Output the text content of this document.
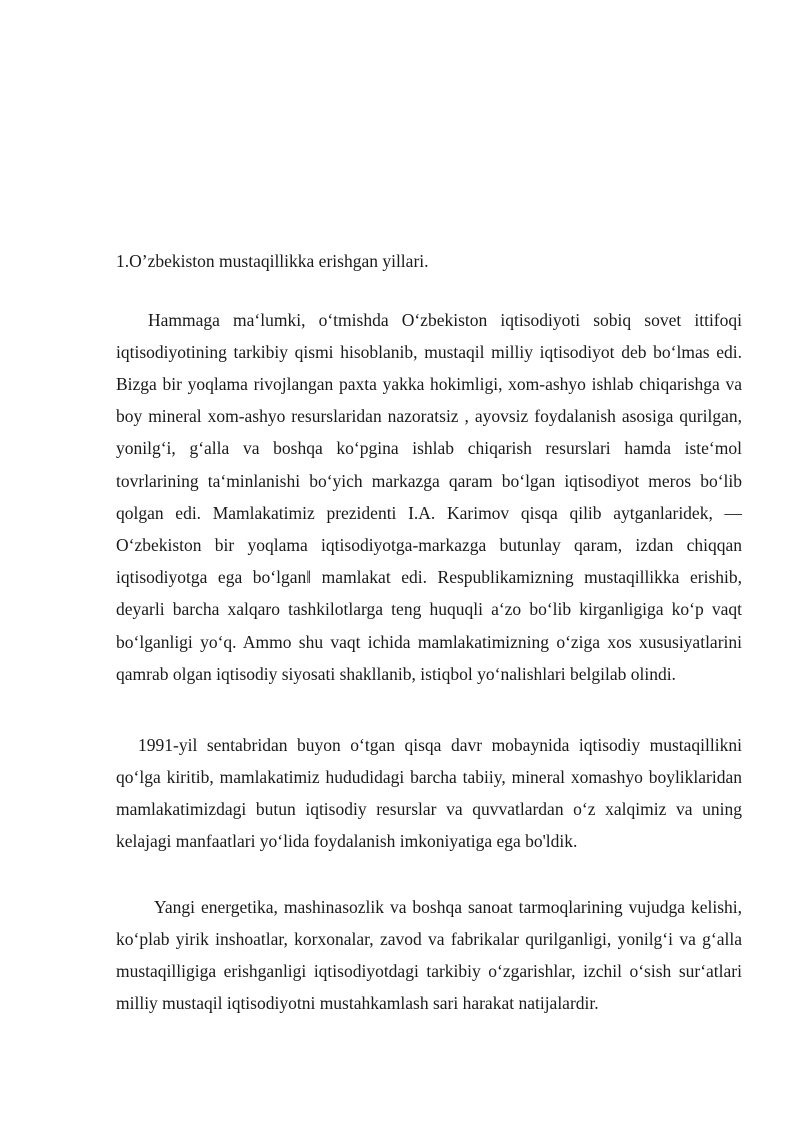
1.O’zbekiston mustaqillikka erishgan yillari.

Hammaga ma‘lumki, o‘tmishda O‘zbekiston iqtisodiyoti sobiq sovet ittifoqi iqtisodiyotining tarkibiy qismi hisoblanib, mustaqil milliy iqtisodiyot deb bo‘lmas edi. Bizga bir yoqlama rivojlangan paxta yakka hokimligi, xom-ashyo ishlab chiqarishga va boy mineral xom-ashyo resurslaridan nazoratsiz , ayovsiz foydalanish asosiga qurilgan, yonilg‘i, g‘alla va boshqa ko‘pgina ishlab chiqarish resurslari hamda iste‘mol tovrlarining ta‘minlanishi bo‘yich markazga qaram bo‘lgan iqtisodiyot meros bo‘lib qolgan edi. Mamlakatimiz prezidenti I.A. Karimov qisqa qilib aytganlaridek, ― O‘zbekiston bir yoqlama iqtisodiyotga-markazga butunlay qaram, izdan chiqqan iqtisodiyotga ega bo‘lgan‖ mamlakat edi. Respublikamizning mustaqillikka erishib, deyarli barcha xalqaro tashkilotlarga teng huquqli a‘zo bo‘lib kirganligiga ko‘p vaqt bo‘lganligi yo‘q. Ammo shu vaqt ichida mamlakatimizning o‘ziga xos xususiyatlarini qamrab olgan iqtisodiy siyosati shakllanib, istiqbol yo‘nalishlari belgilab olindi.

1991-yil sentabridan buyon o‘tgan qisqa davr mobaynida iqtisodiy mustaqillikni qo‘lga kiritib, mamlakatimiz hududidagi barcha tabiiy, mineral xomashyo boyliklaridan mamlakatimizdagi butun iqtisodiy resurslar va quvvatlardan o‘z xalqimiz va uning kelajagi manfaatlari yo‘lida foydalanish imkoniyatiga ega bo'ldik.

Yangi energetika, mashinasozlik va boshqa sanoat tarmoqlarining vujudga kelishi, ko‘plab yirik inshoatlar, korxonalar, zavod va fabrikalar qurilganligi, yonilg‘i va g‘alla mustaqilligiga erishganligi iqtisodiyotdagi tarkibiy o‘zgarishlar, izchil o‘sish sur‘atlari milliy mustaqil iqtisodiyotni mustahkamlash sari harakat natijalardir.
